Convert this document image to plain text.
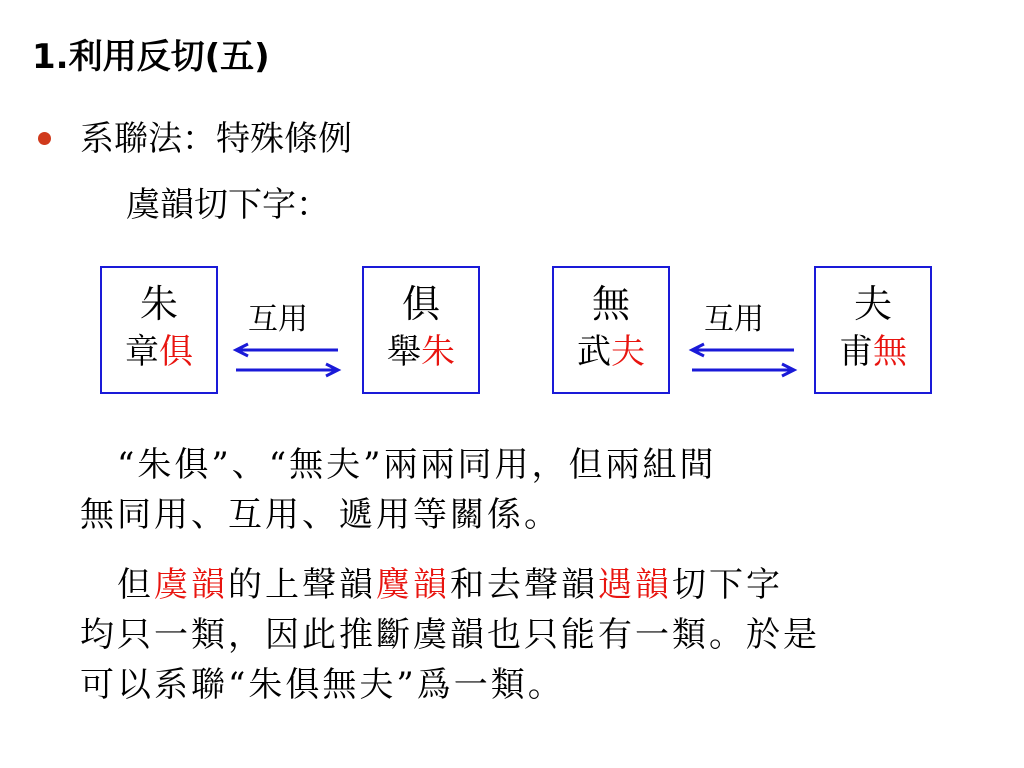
1.利用反切(五)
系聯法：特殊條例
虞韻切下字：
朱
章俱
互用	俱
舉朱
無
武夫
互用	夫
甫無
　“朱俱”、“無夫”兩兩同用，但兩組間
無同用、互用、遞用等關係。
　但虞韻的上聲韻麌韻和去聲韻遇韻切下字
均只一類，因此推斷虞韻也只能有一類。於是
可以系聯“朱俱無夫”爲一類。
